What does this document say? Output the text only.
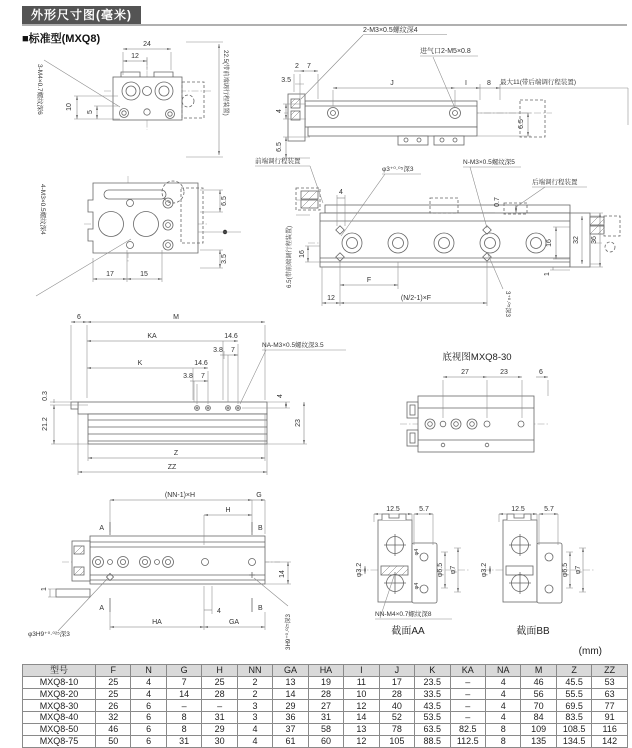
外形尺寸图(毫米)
■标准型(MXQ8)	24
12
10
5
3-M4×0.7螺纹深6	22.5(带前端调行程装置)
17	15
6.5
3.5
4-M3×0.5螺纹深4
2-M3×0.5螺纹深4
进气口2-M5×0.8
最大11(带后端调行程装置)
2 7
3.5	J	I	8
4
6.5
6.5
前端调行程装置
后端调行程装置
N-M3×0.5螺纹深5
φ3⁺⁰·⁰⁵深3
6.5(带前端调行程装置)
3⁺⁰·⁰⁵深3
4
0.7
16	32 36
1
16
F
12	(N/2-1)×F
6	M
KA	14.6
3.8 7
K	14.6
3.8 7
0.3
21.2
4
23
Z
ZZ
NA-M3×0.5螺纹深3.5
底视图MXQ8-30
27	23	6
(NN-1)×H	G
H
A
A
B
B
1
14
4
HA	GA
φ3H9⁺⁰·⁰²⁵深3	3H9⁺⁰·⁰²⁵深3
12.5	5.7
φ3.2
φ4
φ4
φ6.5 φ7
NN-M4×0.7螺纹深8
截面AA
12.5	5.7
φ3.2	φ6.5 φ7
截面BB
(mm)
型号	F	N	G	H	NN	GA	HA	I	J	K	KA	NA	M	Z	ZZ
MXQ8-10	25	4	7	25	2	13	19	11	17	23.5	–	4	46	45.5	53
MXQ8-20	25	4	14	28	2	14	28	10	28	33.5	–	4	56	55.5	63
MXQ8-30	26	6	–	–	3	29	27	12	40	43.5	–	4	70	69.5	77
MXQ8-40	32	6	8	31	3	36	31	14	52	53.5	–	4	84	83.5	91
MXQ8-50	46	6	8	29	4	37	58	13	78	63.5	82.5	8	109	108.5	116
MXQ8-75	50	6	31	30	4	61	60	12	105	88.5	112.5	8	135	134.5	142
